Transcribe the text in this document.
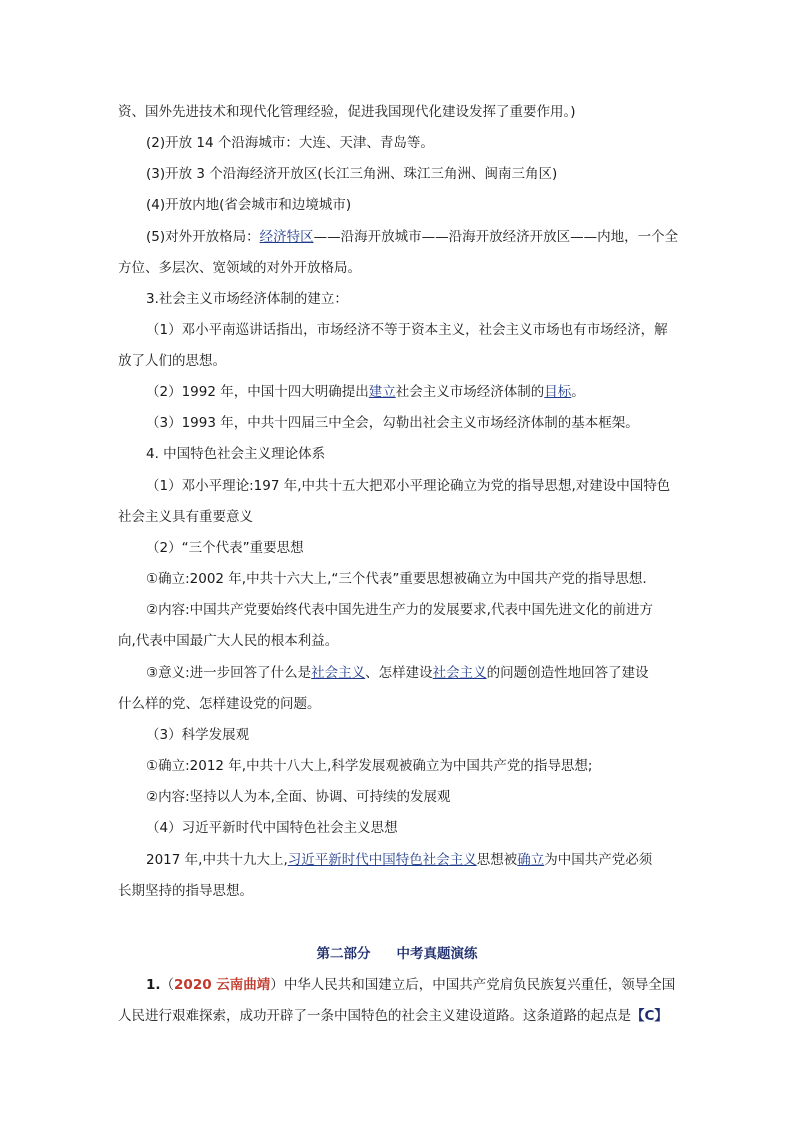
资、国外先进技术和现代化管理经验，促进我国现代化建设发挥了重要作用。)
(2)开放 14 个沿海城市：大连、天津、青岛等。
(3)开放 3 个沿海经济开放区(长江三角洲、珠江三角洲、闽南三角区)
(4)开放内地(省会城市和边境城市)
(5)对外开放格局：经济特区——沿海开放城市——沿海开放经济开放区——内地，一个全
方位、多层次、宽领域的对外开放格局。
3.社会主义市场经济体制的建立：
（1）邓小平南巡讲话指出，市场经济不等于资本主义，社会主义市场也有市场经济，解
放了人们的思想。
（2）1992 年，中国十四大明确提出建立社会主义市场经济体制的目标。
（3）1993 年，中共十四届三中全会，勾勒出社会主义市场经济体制的基本框架。
4. 中国特色社会主义理论体系
（1）邓小平理论:197 年,中共十五大把邓小平理论确立为党的指导思想,对建设中国特色
社会主义具有重要意义
（2）“三个代表”重要思想
①确立:2002 年,中共十六大上,“三个代表”重要思想被确立为中国共产党的指导思想.
②内容:中国共产党要始终代表中国先进生产力的发展要求,代表中国先进文化的前进方
向,代表中国最广大人民的根本利益。
③意义:进一步回答了什么是社会主义、怎样建设社会主义的问题创造性地回答了建设
什么样的党、怎样建设党的问题。
（3）科学发展观
①确立:2012 年,中共十八大上,科学发展观被确立为中国共产党的指导思想;
②内容:坚持以人为本,全面、协调、可持续的发展观
（4）习近平新时代中国特色社会主义思想
2017 年,中共十九大上,习近平新时代中国特色社会主义思想被确立为中国共产党必须
长期坚持的指导思想。
第二部分 中考真题演练
1.（2020 云南曲靖）中华人民共和国建立后，中国共产党肩负民族复兴重任，领导全国
人民进行艰难探索，成功开辟了一条中国特色的社会主义建设道路。这条道路的起点是【C】
